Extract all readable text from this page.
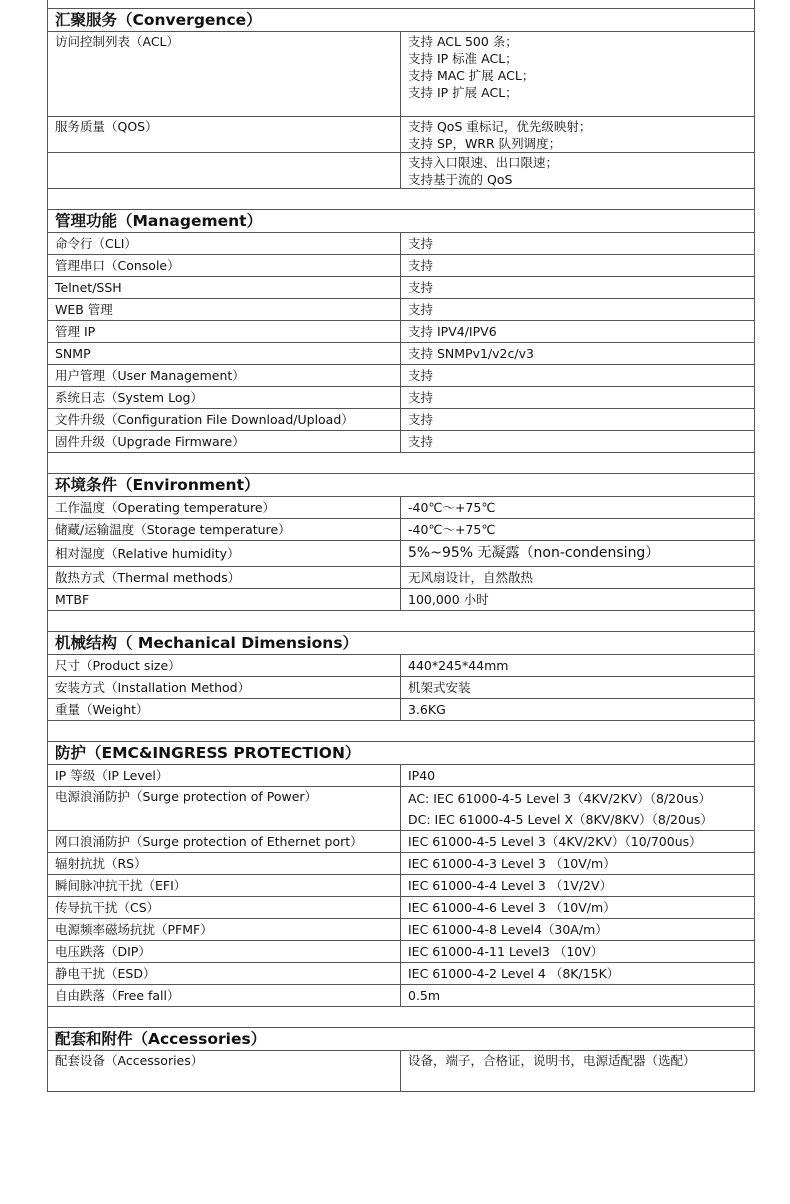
汇聚服务（Convergence）	
访问控制列表（ACL）	支持 ACL 500 条；
支持 IP 标准 ACL；
支持 MAC 扩展 ACL；
支持 IP 扩展 ACL；

服务质量（QOS）	支持 QoS 重标记，优先级映射；
支持 SP，WRR 队列调度；

	支持入口限速、出口限速；
支持基于流的 QoS

管理功能（Management）	
命令行（CLI）	支持
管理串口（Console）	支持
Telnet/SSH	支持
WEB 管理	支持
管理 IP	支持 IPV4/IPV6
SNMP	支持 SNMPv1/v2c/v3
用户管理（User Management）	支持
系统日志（System Log）	支持
文件升级（Configuration File Download/Upload）	支持
固件升级（Upgrade Firmware）	支持

环境条件（Environment）	
工作温度（Operating temperature）	-40℃～+75℃
储藏/运输温度（Storage temperature）	-40℃～+75℃
相对湿度（Relative humidity）	5%~95% 无凝露（non-condensing）
散热方式（Thermal methods）	无风扇设计，自然散热
MTBF	100,000 小时

机械结构（ Mechanical Dimensions）	
尺寸（Product size）	440*245*44mm
安装方式（Installation Method）	机架式安装
重量（Weight）	3.6KG

防护（EMC&INGRESS PROTECTION）	
IP 等级（IP Level）	IP40
电源浪涌防护（Surge protection of Power）	AC: IEC 61000-4-5 Level 3（4KV/2KV）（8/20us）
DC: IEC 61000-4-5 Level X（8KV/8KV）（8/20us）

网口浪涌防护（Surge protection of Ethernet port）	IEC 61000-4-5 Level 3（4KV/2KV）（10/700us）
辐射抗扰（RS）	IEC 61000-4-3 Level 3 （10V/m）
瞬间脉冲抗干扰（EFI）	IEC 61000-4-4 Level 3 （1V/2V）
传导抗干扰（CS）	IEC 61000-4-6 Level 3 （10V/m）
电源频率磁场抗扰（PFMF）	IEC 61000-4-8 Level4（30A/m）
电压跌落（DIP）	IEC 61000-4-11 Level3 （10V）
静电干扰（ESD）	IEC 61000-4-2 Level 4 （8K/15K）
自由跌落（Free fall）	0.5m

配套和附件（Accessories）	
配套设备（Accessories）	设备，端子，合格证，说明书，电源适配器（选配）
